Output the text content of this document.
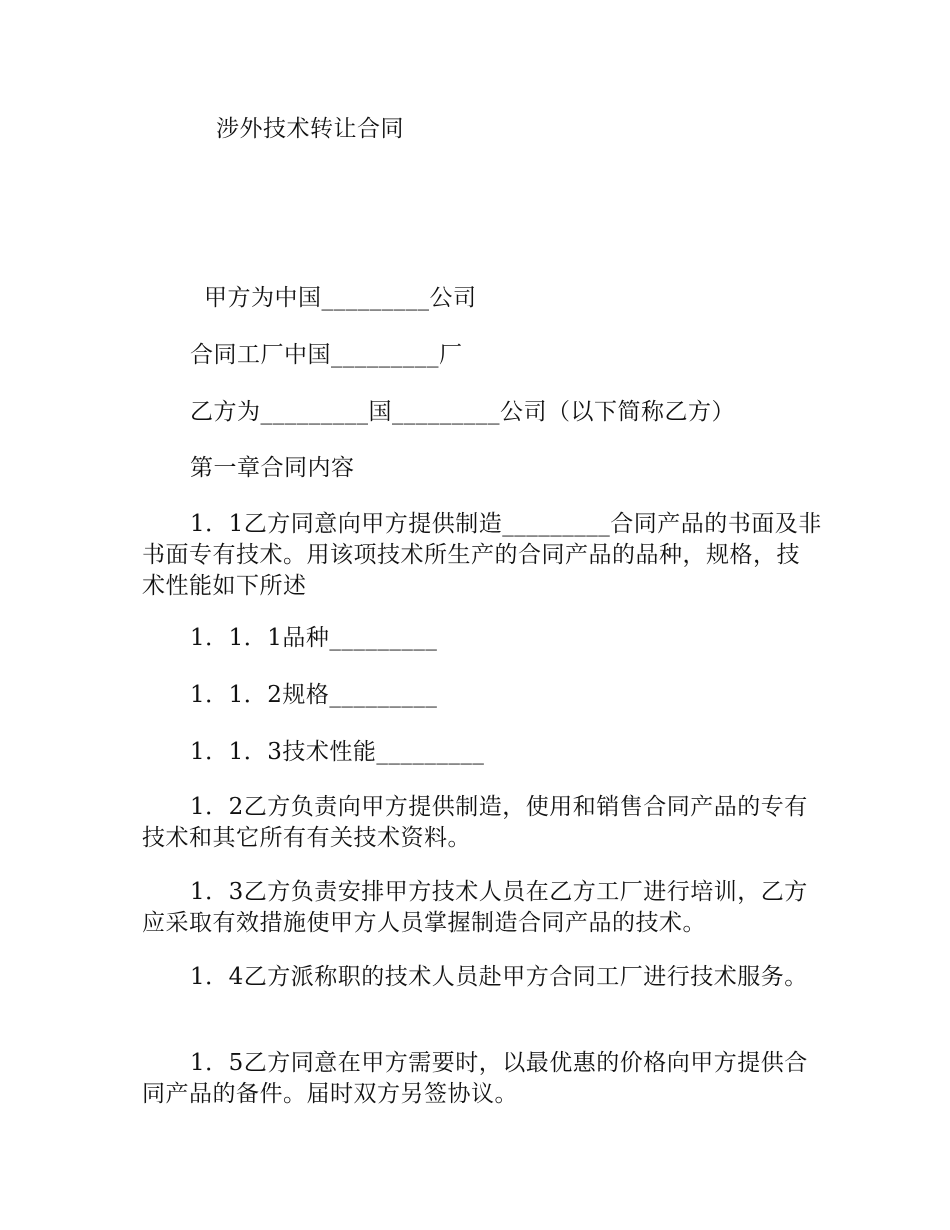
涉外技术转让合同
甲方为中国_________公司
合同工厂中国_________厂
乙方为_________国_________公司（以下简称乙方）
第一章合同内容
1．1乙方同意向甲方提供制造_________合同产品的书面及非书面专有技术。用该项技术所生产的合同产品的品种，规格，技术性能如下所述
1．1．1品种_________
1．1．2规格_________
1．1．3技术性能_________
1．2乙方负责向甲方提供制造，使用和销售合同产品的专有技术和其它所有有关技术资料。
1．3乙方负责安排甲方技术人员在乙方工厂进行培训，乙方应采取有效措施使甲方人员掌握制造合同产品的技术。
1．4乙方派称职的技术人员赴甲方合同工厂进行技术服务。
1．5乙方同意在甲方需要时，以最优惠的价格向甲方提供合同产品的备件。届时双方另签协议。
